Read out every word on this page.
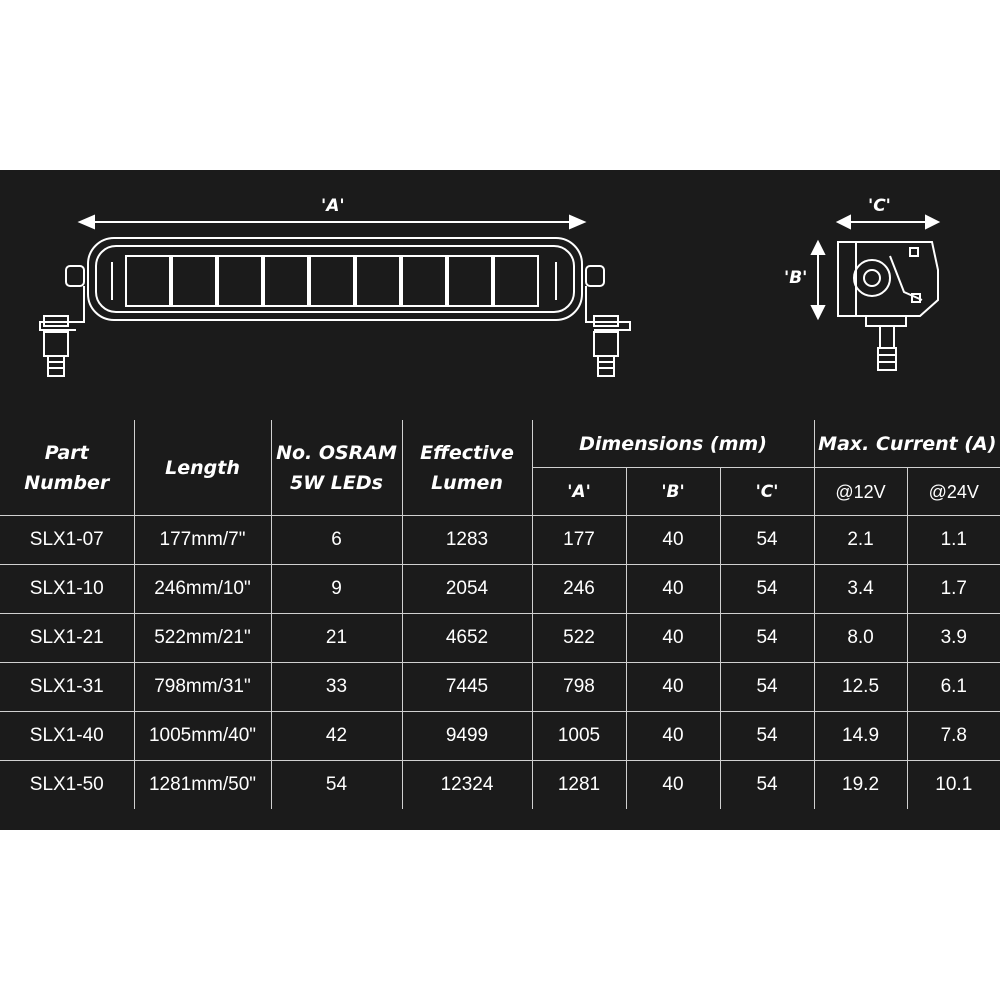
'A'	'C'
'B'
Part Number	Length	No. OSRAM 5W LEDs	Effective Lumen	Dimensions (mm)			Max. Current (A)	
				'A'	'B'	'C'	@12V	@24V
SLX1-07	177mm/7"	6	1283	177	40	54	2.1	1.1
SLX1-10	246mm/10"	9	2054	246	40	54	3.4	1.7
SLX1-21	522mm/21"	21	4652	522	40	54	8.0	3.9
SLX1-31	798mm/31"	33	7445	798	40	54	12.5	6.1
SLX1-40	1005mm/40"	42	9499	1005	40	54	14.9	7.8
SLX1-50	1281mm/50"	54	12324	1281	40	54	19.2	10.1
